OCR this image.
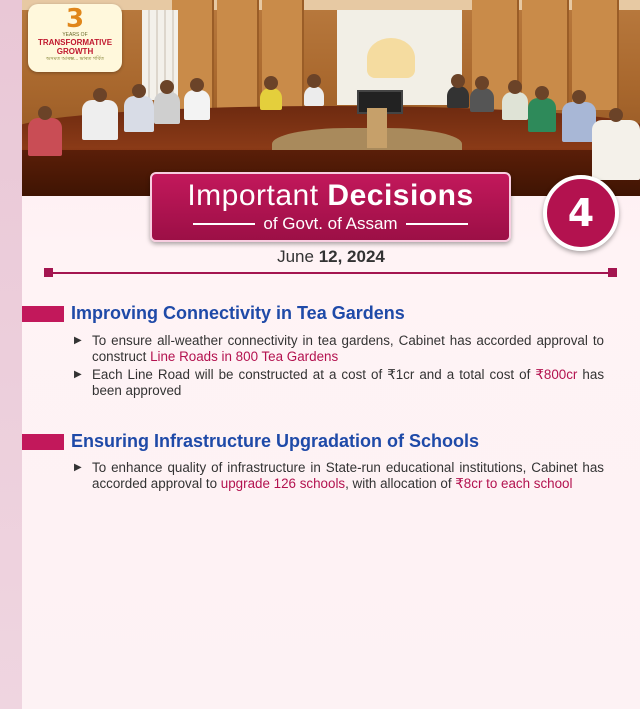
3
YEARS OF
TRANSFORMATIVE
GROWTH
অসমত আৰম্ভ... ভাৰত গৰ্বিত
Important Decisions
of Govt. of Assam	4
June 12, 2024
Improving Connectivity in Tea Gardens
▶ To ensure all-weather connectivity in tea gardens, Cabinet has accorded approval to construct Line Roads in 800 Tea Gardens
▶ Each Line Road will be constructed at a cost of ₹1cr and a total cost of ₹800cr has been approved
Ensuring Infrastructure Upgradation of Schools
▶ To enhance quality of infrastructure in State-run educational institutions, Cabinet has accorded approval to upgrade 126 schools, with allocation of ₹8cr to each school
